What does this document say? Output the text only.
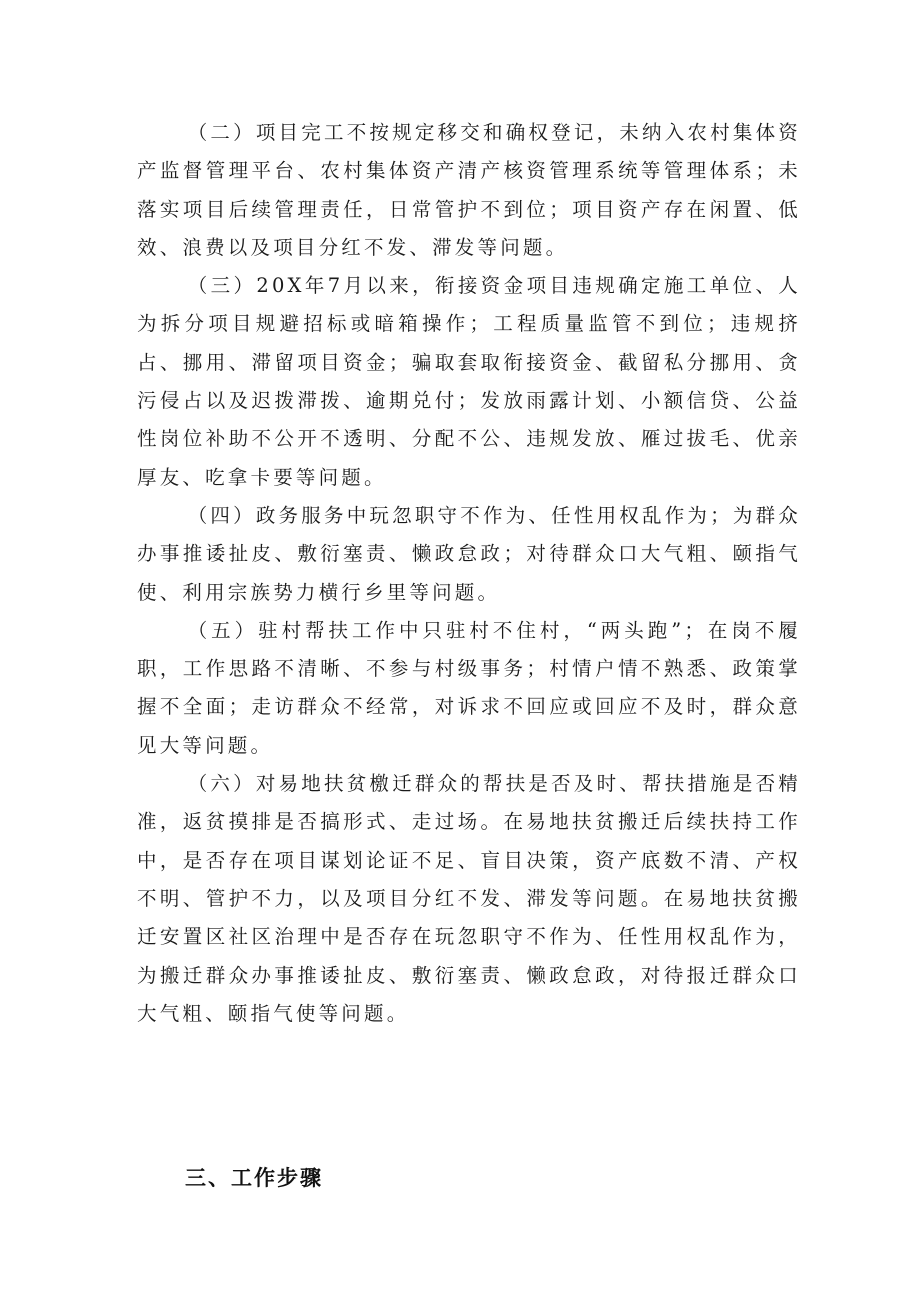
（二）项目完工不按规定移交和确权登记，未纳入农村集体资产监督管理平台、农村集体资产清产核资管理系统等管理体系；未落实项目后续管理责任，日常管护不到位；项目资产存在闲置、低效、浪费以及项目分红不发、滞发等问题。

（三）20X年7月以来，衔接资金项目违规确定施工单位、人为拆分项目规避招标或暗箱操作；工程质量监管不到位；违规挤占、挪用、滞留项目资金；骗取套取衔接资金、截留私分挪用、贪污侵占以及迟拨滞拨、逾期兑付；发放雨露计划、小额信贷、公益性岗位补助不公开不透明、分配不公、违规发放、雁过拔毛、优亲厚友、吃拿卡要等问题。

（四）政务服务中玩忽职守不作为、任性用权乱作为；为群众办事推诿扯皮、敷衍塞责、懒政怠政；对待群众口大气粗、颐指气使、利用宗族势力横行乡里等问题。

（五）驻村帮扶工作中只驻村不住村，“两头跑”；在岗不履职，工作思路不清晰、不参与村级事务；村情户情不熟悉、政策掌握不全面；走访群众不经常，对诉求不回应或回应不及时，群众意见大等问题。

（六）对易地扶贫檄迁群众的帮扶是否及时、帮扶措施是否精准，返贫摸排是否搞形式、走过场。在易地扶贫搬迁后续扶持工作中，是否存在项目谋划论证不足、盲目决策，资产底数不清、产权不明、管护不力，以及项目分红不发、滞发等问题。在易地扶贫搬迁安置区社区治理中是否存在玩忽职守不作为、任性用权乱作为，为搬迁群众办事推诿扯皮、敷衍塞责、懒政怠政，对待报迁群众口大气粗、颐指气使等问题。

三、工作步骤
